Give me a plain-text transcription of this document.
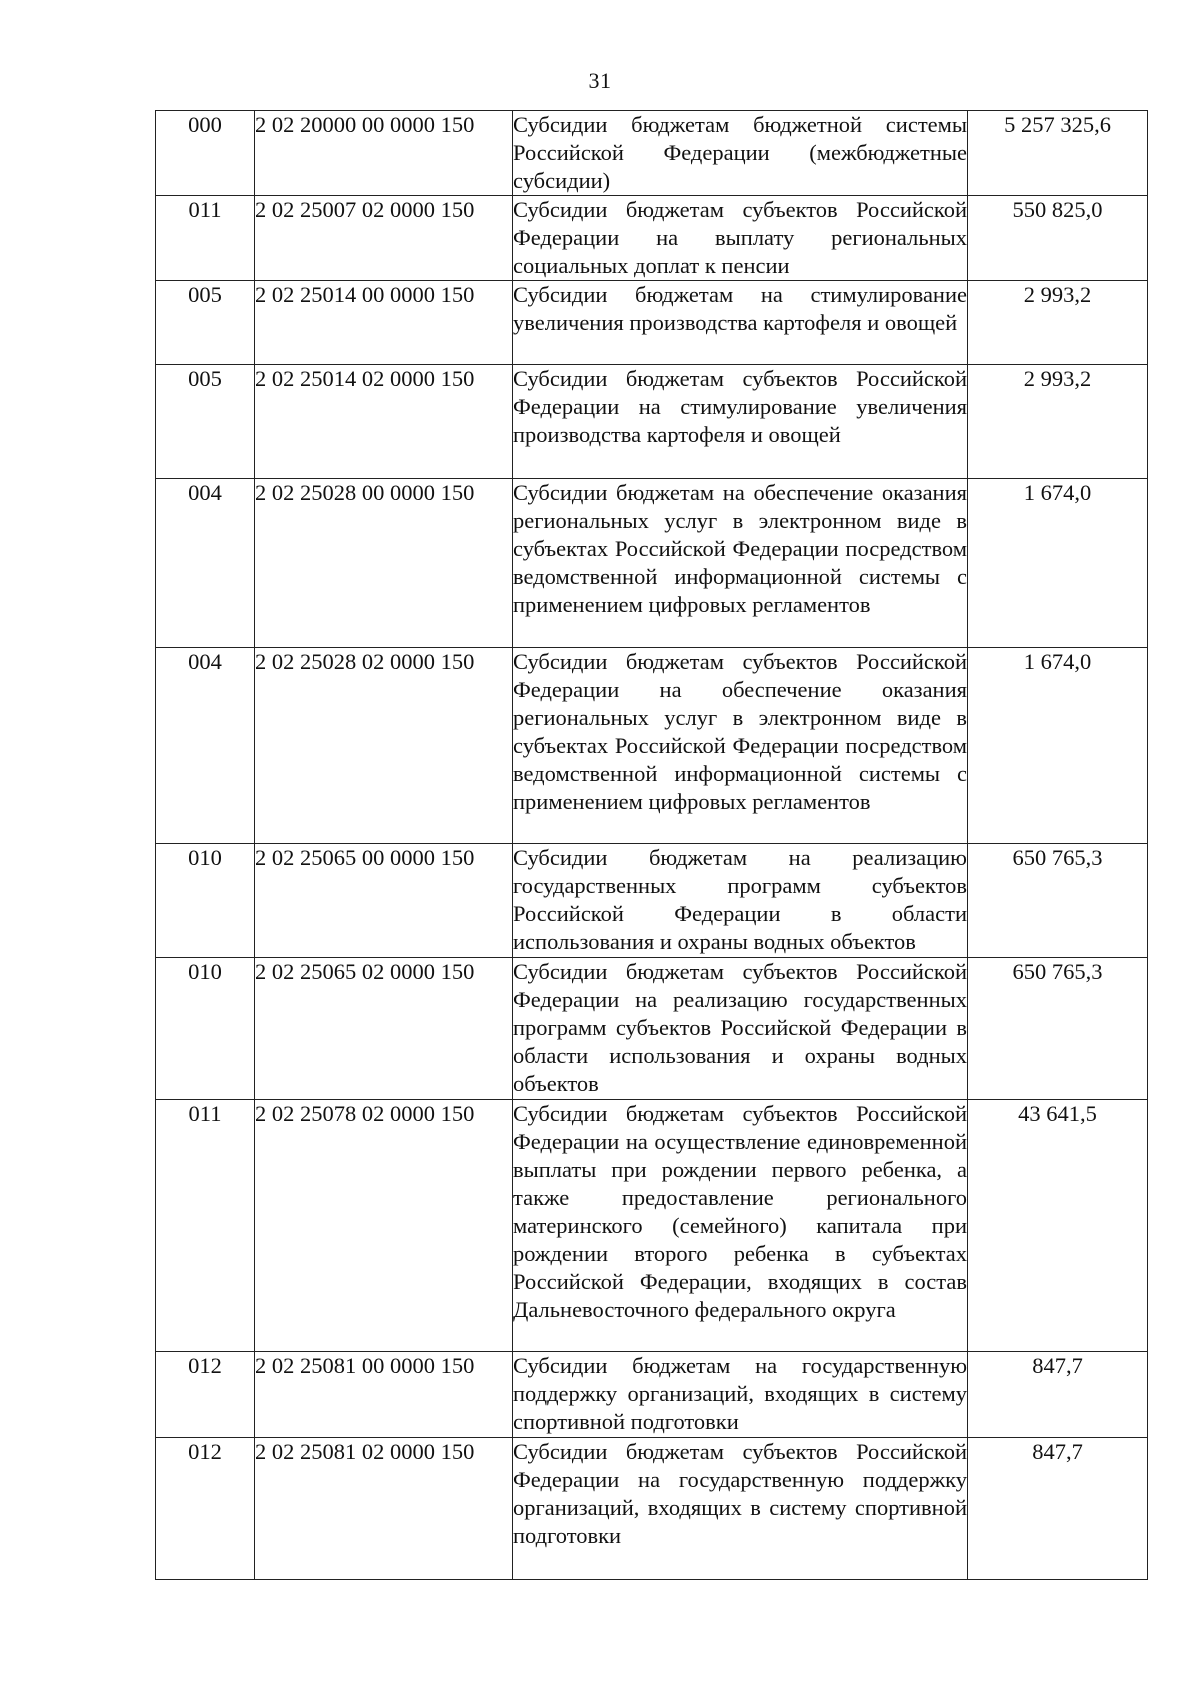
31
000	2 02 20000 00 0000 150	Субсидии бюджетам бюджетной системы Российской Федерации (межбюджетные субсидии)	5 257 325,6
011	2 02 25007 02 0000 150	Субсидии бюджетам субъектов Российской Федерации на выплату региональных социальных доплат к пенсии	550 825,0
005	2 02 25014 00 0000 150	Субсидии бюджетам на стимулирование увеличения производства картофеля и овощей	2 993,2
005	2 02 25014 02 0000 150	Субсидии бюджетам субъектов Российской Федерации на стимулирование увеличения производства картофеля и овощей	2 993,2
004	2 02 25028 00 0000 150	Субсидии бюджетам на обеспечение оказания региональных услуг в электронном виде в субъектах Российской Федерации посредством ведомственной информационной системы с применением цифровых регламентов	1 674,0
004	2 02 25028 02 0000 150	Субсидии бюджетам субъектов Российской Федерации на обеспечение оказания региональных услуг в электронном виде в субъектах Российской Федерации посредством ведомственной информационной системы с применением цифровых регламентов	1 674,0
010	2 02 25065 00 0000 150	Субсидии бюджетам на реализацию государственных программ субъектов Российской Федерации в области использования и охраны водных объектов	650 765,3
010	2 02 25065 02 0000 150	Субсидии бюджетам субъектов Российской Федерации на реализацию государственных программ субъектов Российской Федерации в области использования и охраны водных объектов	650 765,3
011	2 02 25078 02 0000 150	Субсидии бюджетам субъектов Российской Федерации на осуществление единовременной выплаты при рождении первого ребенка, а также предоставление регионального материнского (семейного) капитала при рождении второго ребенка в субъектах Российской Федерации, входящих в состав Дальневосточного федерального округа	43 641,5
012	2 02 25081 00 0000 150	Субсидии бюджетам на государственную поддержку организаций, входящих в систему спортивной подготовки	847,7
012	2 02 25081 02 0000 150	Субсидии бюджетам субъектов Российской Федерации на государственную поддержку организаций, входящих в систему спортивной подготовки	847,7
